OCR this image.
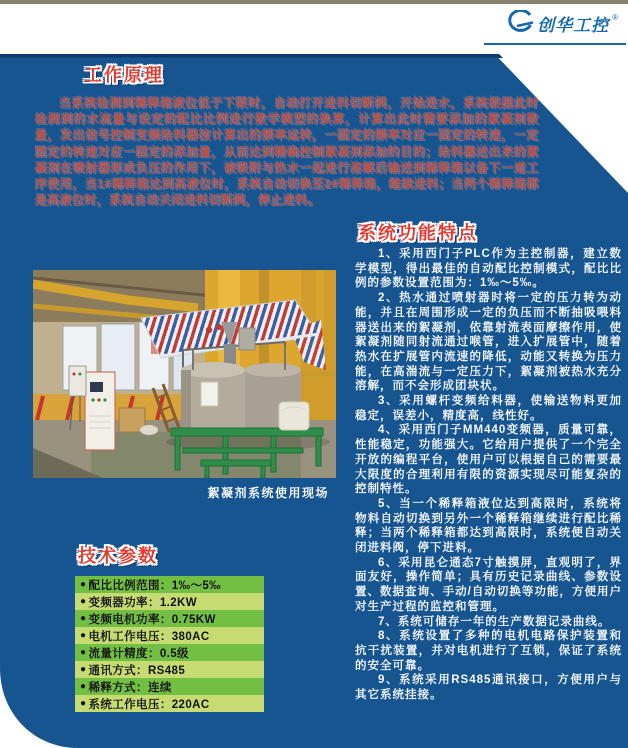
创华工控 ®
工作原理
当系统检测到稀释箱液位低于下限时，自动打开进料切断阀，开始进水，系统根据此时检测到的水流量与设定的配比比例进行数学模型的换算，计算出此时需要添加的絮凝剂数量，发出信号控制变频给料器按计算出的频率运转，一固定的频率对应一固定的转速，一定固定的转速对应一固定的添加量，从而达到精确控制絮凝剂添加的目的；给料器送出来的絮凝剂在喷射器形成负压的作用下，被吸附与热水一起进行溶解后输送到稀释箱以备下一道工序使用，当1#稀释箱达到高液位时，系统自动切换至2#稀释箱，继续进料；当两个稀释箱都是高液位时，系统自动关闭进料切断阀，停止进料。
絮凝剂系统使用现场
系统功能特点

1、采用西门子PLC作为主控制器，建立数学模型，得出最佳的自动配比控制模式，配比比例的参数设置范围为：1‰～5‰。

2、热水通过喷射器时将一定的压力转为动能，并且在周围形成一定的负压而不断抽吸喂料器送出来的絮凝剂，依靠射流表面摩擦作用，使絮凝剂随同射流通过喉管，进入扩展管中，随着热水在扩展管内流速的降低，动能又转换为压力能，在高湍流与一定压力下，絮凝剂被热水充分溶解，而不会形成团块状。

3、采用螺杆变频给料器，使输送物料更加稳定，误差小，精度高，线性好。

4、采用西门子MM440变频器，质量可靠，性能稳定，功能强大。它给用户提供了一个完全开放的编程平台，使用户可以根据自己的需要最大限度的合理利用有限的资源实现尽可能复杂的控制特性。

5、当一个稀释箱液位达到高限时，系统将物料自动切换到另外一个稀释箱继续进行配比稀释；当两个稀释箱都达到高限时，系统便自动关闭进料阀，停下进料。

6、采用昆仑通态7寸触摸屏，直观明了，界面友好，操作简单；具有历史记录曲线、参数设置、数据查询、手动/自动切换等功能，方便用户对生产过程的监控和管理。

7、系统可储存一年的生产数据记录曲线。

8、系统设置了多种的电机电路保护装置和抗干扰装置，并对电机进行了互锁，保证了系统的安全可靠。

9、系统采用RS485通讯接口，方便用户与其它系统挂接。

技术参数
● 配比比例范围：1‰～5‰
● 变频器功率：1.2KW
● 变频电机功率：0.75KW
● 电机工作电压：380AC
● 流量计精度：0.5级
● 通讯方式：RS485
● 稀释方式：连续
● 系统工作电压：220AC
